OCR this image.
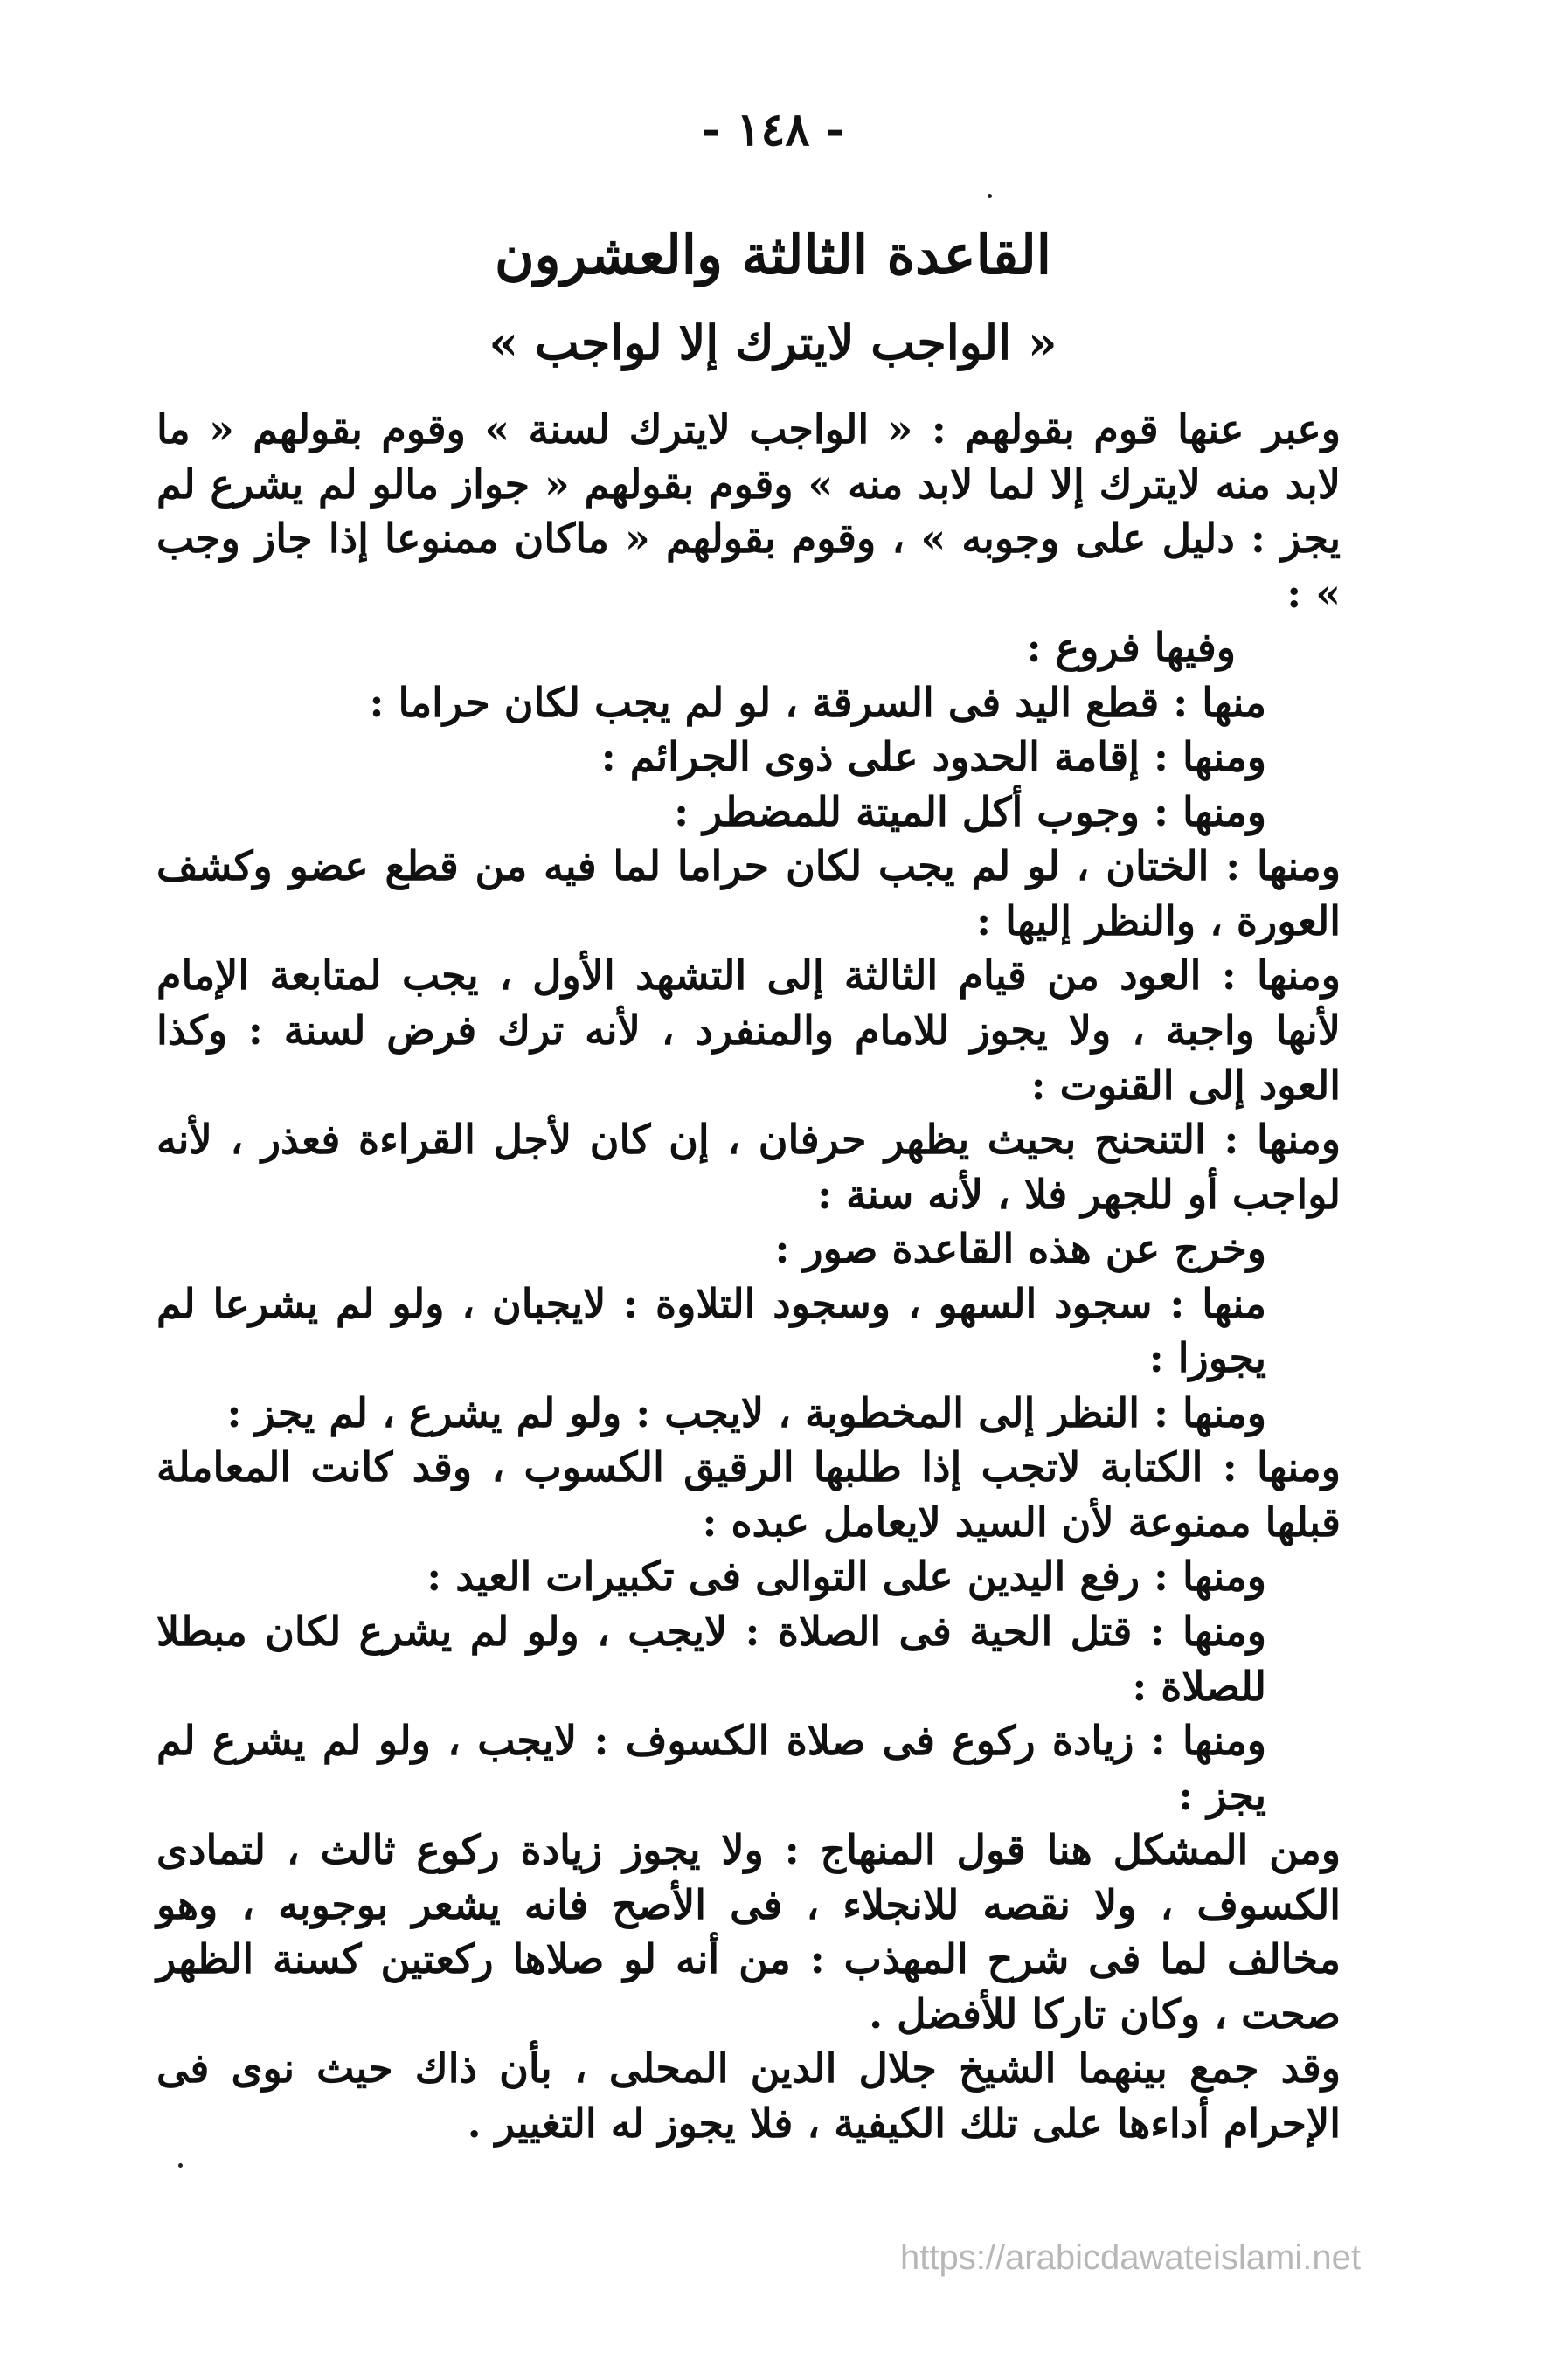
- ١٤٨ -
القاعدة الثالثة والعشرون
« الواجب لايترك إلا لواجب »

وعبر عنها قوم بقولهم : « الواجب لايترك لسنة » وقوم بقولهم « ما لابد منه لايترك إلا لما لابد منه » وقوم بقولهم « جواز مالو لم يشرع لم يجز : دليل على وجوبه » ، وقوم بقولهم « ماكان ممنوعا إذا جاز وجب » :

وفيها فروع :

منها : قطع اليد فى السرقة ، لو لم يجب لكان حراما :

ومنها : إقامة الحدود على ذوى الجرائم :

ومنها : وجوب أكل الميتة للمضطر :

ومنها : الختان ، لو لم يجب لكان حراما لما فيه من قطع عضو وكشف العورة ، والنظر إليها :

ومنها : العود من قيام الثالثة إلى التشهد الأول ، يجب لمتابعة الإمام لأنها واجبة ، ولا يجوز للامام والمنفرد ، لأنه ترك فرض لسنة : وكذا العود إلى القنوت :

ومنها : التنحنح بحيث يظهر حرفان ، إن كان لأجل القراءة فعذر ، لأنه لواجب أو للجهر فلا ، لأنه سنة :

وخرج عن هذه القاعدة صور :

منها : سجود السهو ، وسجود التلاوة : لايجبان ، ولو لم يشرعا لم يجوزا :

ومنها : النظر إلى المخطوبة ، لايجب : ولو لم يشرع ، لم يجز :

ومنها : الكتابة لاتجب إذا طلبها الرقيق الكسوب ، وقد كانت المعاملة قبلها ممنوعة لأن السيد لايعامل عبده :

ومنها : رفع اليدين على التوالى فى تكبيرات العيد :

ومنها : قتل الحية فى الصلاة : لايجب ، ولو لم يشرع لكان مبطلا للصلاة :

ومنها : زيادة ركوع فى صلاة الكسوف : لايجب ، ولو لم يشرع لم يجز :

ومن المشكل هنا قول المنهاج : ولا يجوز زيادة ركوع ثالث ، لتمادى الكسوف ، ولا نقصه للانجلاء ، فى الأصح فانه يشعر بوجوبه ، وهو مخالف لما فى شرح المهذب : من أنه لو صلاها ركعتين كسنة الظهر صحت ، وكان تاركا للأفضل .

وقد جمع بينهما الشيخ جلال الدين المحلى ، بأن ذاك حيث نوى فى الإحرام أداءها على تلك الكيفية ، فلا يجوز له التغيير .

https://arabicdawateislami.net
